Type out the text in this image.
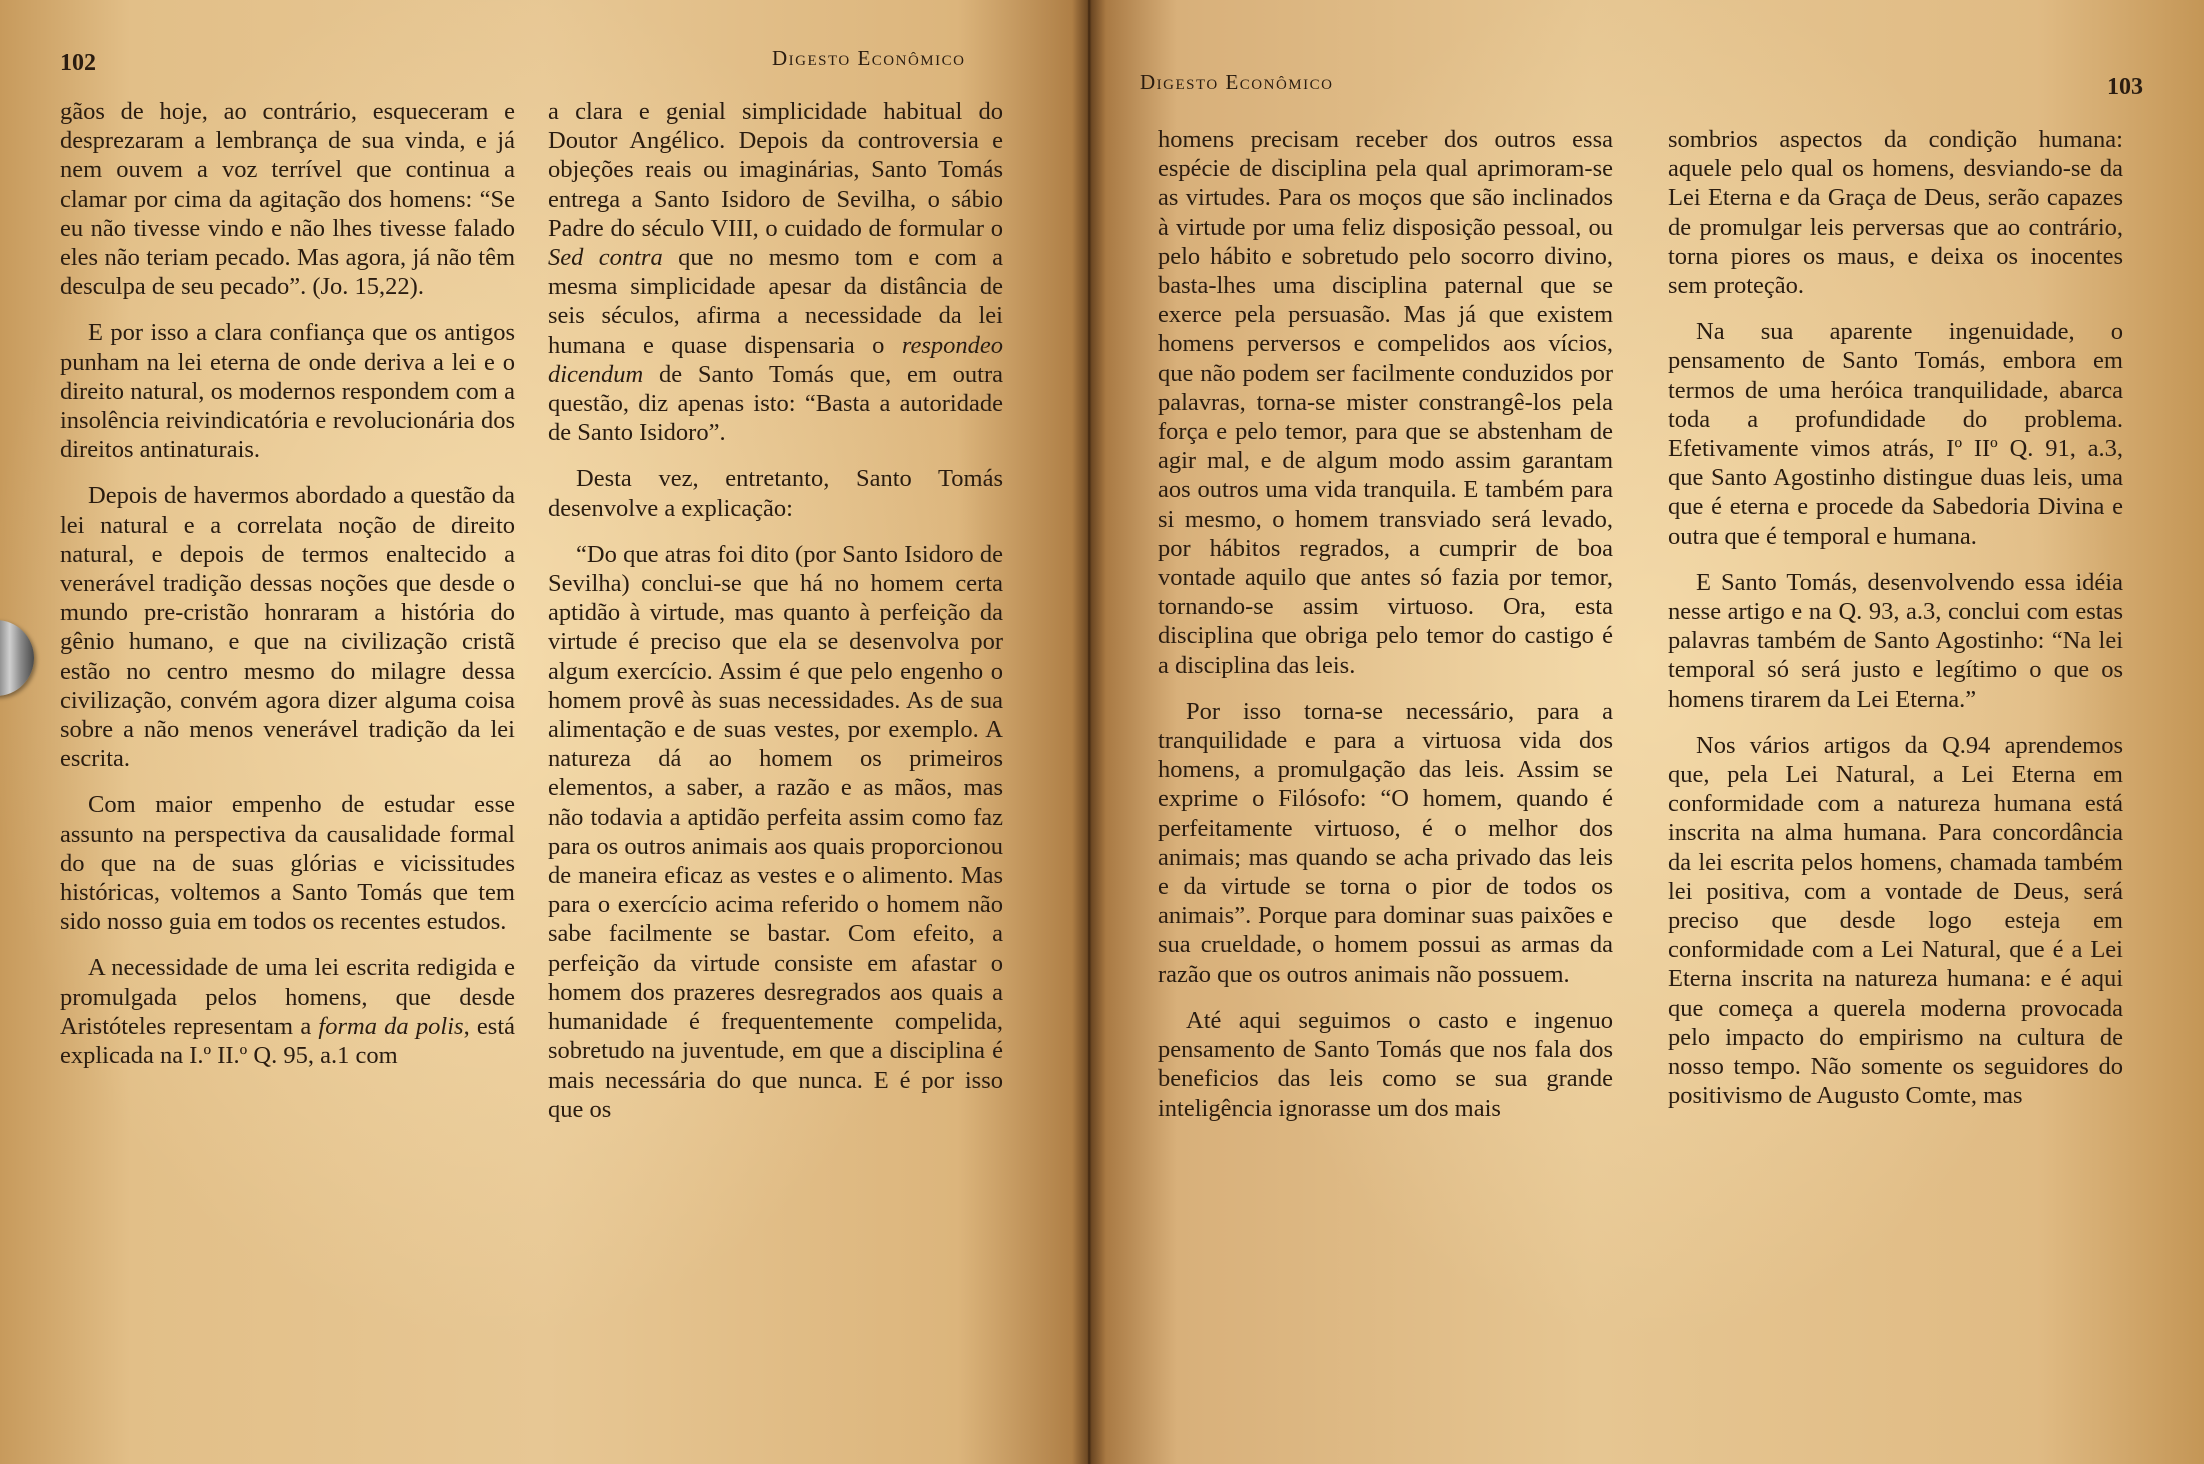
102	Digesto Econômico

gãos de hoje, ao contrário, esqueceram e desprezaram a lembrança de sua vinda, e já nem ouvem a voz terrível que continua a clamar por cima da agitação dos homens: “Se eu não tivesse vindo e não lhes tivesse falado eles não teriam pecado. Mas agora, já não têm desculpa de seu pecado”. (Jo. 15,22).

E por isso a clara confiança que os antigos punham na lei eterna de onde deriva a lei e o direito natural, os modernos respondem com a insolência reivindicatória e revolucionária dos direitos antinaturais.

Depois de havermos abordado a questão da lei natural e a correlata noção de direito natural, e depois de termos enaltecido a venerável tradição dessas noções que desde o mundo pre-cristão honraram a história do gênio humano, e que na civilização cristã estão no centro mesmo do milagre dessa civilização, convém agora dizer alguma coisa sobre a não menos venerável tradição da lei escrita.

Com maior empenho de estudar esse assunto na perspectiva da causalidade formal do que na de suas glórias e vicissitudes históricas, voltemos a Santo Tomás que tem sido nosso guia em todos os recentes estudos.

A necessidade de uma lei escrita redigida e promulgada pelos homens, que desde Aristóteles representam a forma da polis, está explicada na I.º II.º Q. 95, a.1 com

a clara e genial simplicidade habitual do Doutor Angélico. Depois da controversia e objeções reais ou imaginárias, Santo Tomás entrega a Santo Isidoro de Sevilha, o sábio Padre do século VIII, o cuidado de formular o Sed contra que no mesmo tom e com a mesma simplicidade apesar da distância de seis séculos, afirma a necessidade da lei humana e quase dispensaria o respondeo dicendum de Santo Tomás que, em outra questão, diz apenas isto: “Basta a autoridade de Santo Isidoro”.

Desta vez, entretanto, Santo Tomás desenvolve a explicação:

“Do que atras foi dito (por Santo Isidoro de Sevilha) conclui-se que há no homem certa aptidão à virtude, mas quanto à perfeição da virtude é preciso que ela se desenvolva por algum exercício. Assim é que pelo engenho o homem provê às suas necessidades. As de sua alimentação e de suas vestes, por exemplo. A natureza dá ao homem os primeiros elementos, a saber, a razão e as mãos, mas não todavia a aptidão perfeita assim como faz para os outros animais aos quais proporcionou de maneira eficaz as vestes e o alimento. Mas para o exercício acima referido o homem não sabe facilmente se bastar. Com efeito, a perfeição da virtude consiste em afastar o homem dos prazeres desregrados aos quais a humanidade é frequentemente compelida, sobretudo na juventude, em que a disciplina é mais necessária do que nunca. E é por isso que os

Digesto Econômico	103

homens precisam receber dos outros essa espécie de disciplina pela qual aprimoram-se as virtudes. Para os moços que são inclinados à virtude por uma feliz disposição pessoal, ou pelo hábito e sobretudo pelo socorro divino, basta-lhes uma disciplina paternal que se exerce pela persuasão. Mas já que existem homens perversos e compelidos aos vícios, que não podem ser facilmente conduzidos por palavras, torna-se mister constrangê-los pela força e pelo temor, para que se abstenham de agir mal, e de algum modo assim garantam aos outros uma vida tranquila. E também para si mesmo, o homem transviado será levado, por hábitos regrados, a cumprir de boa vontade aquilo que antes só fazia por temor, tornando-se assim virtuoso. Ora, esta disciplina que obriga pelo temor do castigo é a disciplina das leis.

Por isso torna-se necessário, para a tranquilidade e para a virtuosa vida dos homens, a promulgação das leis. Assim se exprime o Filósofo: “O homem, quando é perfeitamente virtuoso, é o melhor dos animais; mas quando se acha privado das leis e da virtude se torna o pior de todos os animais”. Porque para dominar suas paixões e sua crueldade, o homem possui as armas da razão que os outros animais não possuem.

Até aqui seguimos o casto e ingenuo pensamento de Santo Tomás que nos fala dos beneficios das leis como se sua grande inteligência ignorasse um dos mais

sombrios aspectos da condição humana: aquele pelo qual os homens, desviando-se da Lei Eterna e da Graça de Deus, serão capazes de promulgar leis perversas que ao contrário, torna piores os maus, e deixa os inocentes sem proteção.

Na sua aparente ingenuidade, o pensamento de Santo Tomás, embora em termos de uma heróica tranquilidade, abarca toda a profundidade do problema. Efetivamente vimos atrás, Iº IIº Q. 91, a.3, que Santo Agostinho distingue duas leis, uma que é eterna e procede da Sabedoria Divina e outra que é temporal e humana.

E Santo Tomás, desenvolvendo essa idéia nesse artigo e na Q. 93, a.3, conclui com estas palavras também de Santo Agostinho: “Na lei temporal só será justo e legítimo o que os homens tirarem da Lei Eterna.”

Nos vários artigos da Q.94 aprendemos que, pela Lei Natural, a Lei Eterna em conformidade com a natureza humana está inscrita na alma humana. Para concordância da lei escrita pelos homens, chamada também lei positiva, com a vontade de Deus, será preciso que desde logo esteja em conformidade com a Lei Natural, que é a Lei Eterna inscrita na natureza humana: e é aqui que começa a querela moderna provocada pelo impacto do empirismo na cultura de nosso tempo. Não somente os seguidores do positivismo de Augusto Comte, mas
